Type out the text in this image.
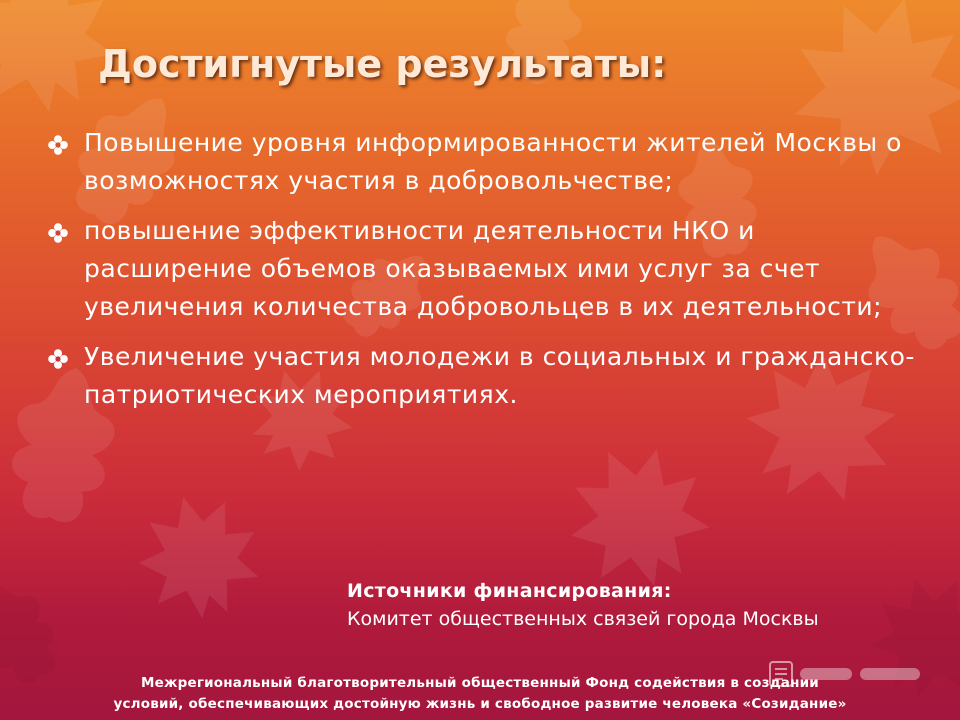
Достигнутые результаты:
Повышение уровня информированности жителей Москвы о возможностях участия в добровольчестве;
повышение эффективности деятельности НКО и расширение объемов оказываемых ими услуг за счет увеличения количества добровольцев в их деятельности;
Увеличение участия молодежи в социальных и гражданско-патриотических мероприятиях.
Источники финансирования:
Комитет общественных связей города Москвы
Межрегиональный благотворительный общественный Фонд содействия в создании
условий, обеспечивающих достойную жизнь и свободное развитие человека «Созидание»
